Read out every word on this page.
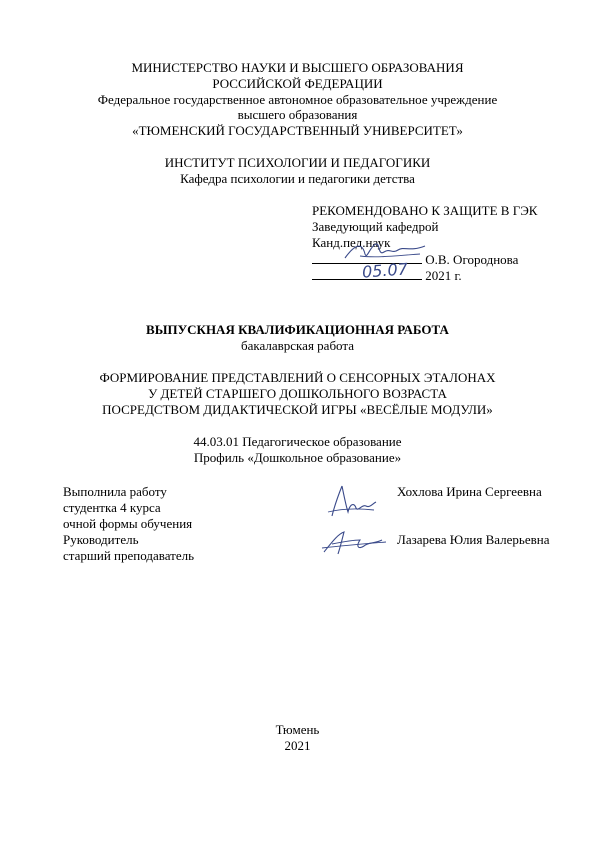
МИНИСТЕРСТВО НАУКИ И ВЫСШЕГО ОБРАЗОВАНИЯ
РОССИЙСКОЙ ФЕДЕРАЦИИ
Федеральное государственное автономное образовательное учреждение
высшего образования
«ТЮМЕНСКИЙ ГОСУДАРСТВЕННЫЙ УНИВЕРСИТЕТ»
ИНСТИТУТ ПСИХОЛОГИИ И ПЕДАГОГИКИ
Кафедра психологии и педагогики детства
РЕКОМЕНДОВАНО К ЗАЩИТЕ В ГЭК
Заведующий кафедрой
Канд.пед.наук
О.В. Огороднова
2021 г.
05.07
ВЫПУСКНАЯ КВАЛИФИКАЦИОННАЯ РАБОТА
бакалаврская работа
ФОРМИРОВАНИЕ ПРЕДСТАВЛЕНИЙ О СЕНСОРНЫХ ЭТАЛОНАХ
У ДЕТЕЙ СТАРШЕГО ДОШКОЛЬНОГО ВОЗРАСТА
ПОСРЕДСТВОМ ДИДАКТИЧЕСКОЙ ИГРЫ «ВЕСЁЛЫЕ МОДУЛИ»
44.03.01 Педагогическое образование
Профиль «Дошкольное образование»
Выполнила работу
студентка 4 курса
очной формы обучения
Руководитель
старший преподаватель
Хохлова Ирина Сергеевна
Лазарева Юлия Валерьевна
Тюмень
2021
